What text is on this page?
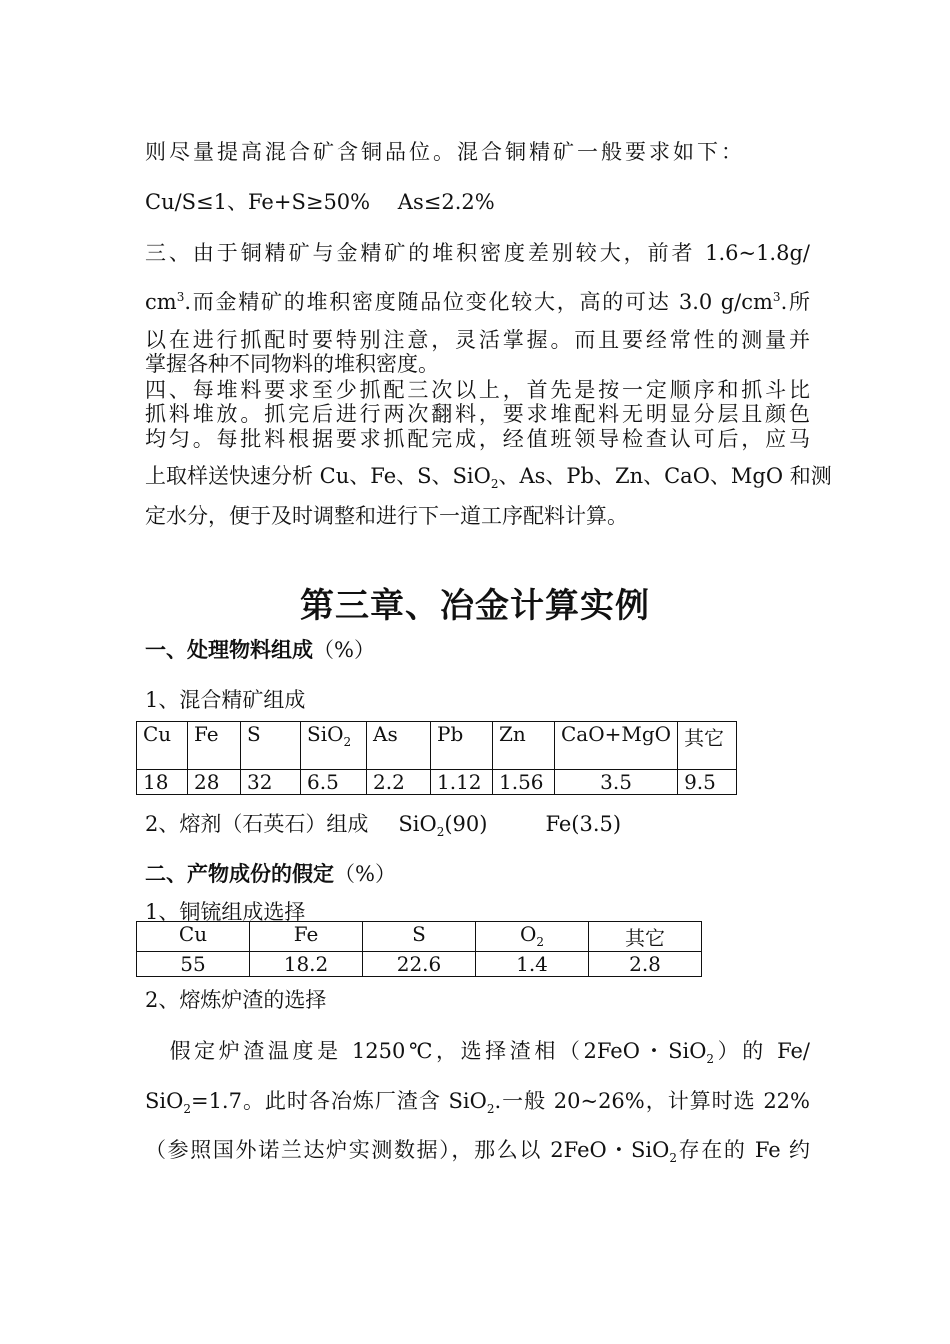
则尽量提高混合矿含铜品位。混合铜精矿一般要求如下：
Cu/S≤1、Fe+S≥50%　 As≤2.2%
三、由于铜精矿与金精矿的堆积密度差别较大，前者 1.6~1.8g/
$cm^3$.而金精矿的堆积密度随品位变化较大，高的可达 3.0 $g/cm^3$.所
以在进行抓配时要特别注意，灵活掌握。而且要经常性的测量并
掌握各种不同物料的堆积密度。
四、每堆料要求至少抓配三次以上，首先是按一定顺序和抓斗比
抓料堆放。抓完后进行两次翻料，要求堆配料无明显分层且颜色
均匀。每批料根据要求抓配完成，经值班领导检查认可后，应马
上取样送快速分析 Cu、Fe、S、SiO$_2$、As、Pb、Zn、CaO、MgO 和测
定水分，便于及时调整和进行下一道工序配料计算。
第三章、冶金计算实例
一、处理物料组成（%）
1、混合精矿组成
Cu	Fe	S	SiO$_2$	As	Pb	Zn	CaO+MgO	其它
18	28	32	6.5	2.2	1.12	1.56	3.5	9.5
2、熔剂（石英石）组成 SiO$_2$(90)	Fe(3.5)
二、产物成份的假定（%）
1、铜锍组成选择
Cu	Fe	S	$O_2$	其它
55	18.2	22.6	1.4	2.8
2、熔炼炉渣的选择
　假定炉渣温度是 1250℃，选择渣相（2FeO・SiO$_2$）的 Fe/
SiO$_2$=1.7。此时各冶炼厂渣含 SiO$_2$.一般 20~26%，计算时选 22%
（参照国外诺兰达炉实测数据），那么以 2FeO・SiO$_2$存在的 Fe 约
